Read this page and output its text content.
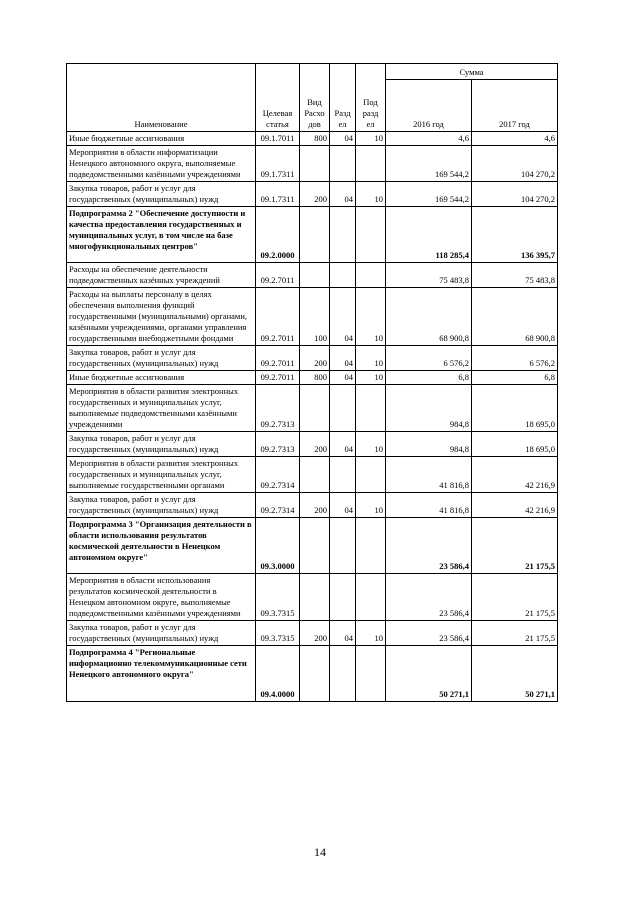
Наименование	Целевая статья	Вид Расхо дов	Разд ел	Под разд ел	Сумма	
					2016 год	2017 год
Иные бюджетные ассигнования	09.1.7011	800	04	10	4,6	4,6
Мероприятия в области информатизации Ненецкого автономного округа, выполняемые подведомственными казёнными учреждениями	09.1.7311				169 544,2	104 270,2
Закупка товаров, работ и услуг для государственных (муниципальных) нужд	09.1.7311	200	04	10	169 544,2	104 270,2
Подпрограмма 2 "Обеспечение доступности и качества предоставления государственных и муниципальных услуг, в том числе на базе многофункциональных центров"	09.2.0000				118 285,4	136 395,7
Расходы на обеспечение деятельности подведомственных казённых учреждений	09.2.7011				75 483,8	75 483,8
Расходы на выплаты персоналу в целях обеспечения выполнения функций государственными (муниципальными) органами, казёнными учреждениями, органами управления государственными внебюджетными фондами	09.2.7011	100	04	10	68 900,8	68 900,8
Закупка товаров, работ и услуг для государственных (муниципальных) нужд	09.2.7011	200	04	10	6 576,2	6 576,2
Иные бюджетные ассигнования	09.2.7011	800	04	10	6,8	6,8
Мероприятия в области развития электронных государственных и муниципальных услуг, выполняемые подведомственными казёнными учреждениями	09.2.7313				984,8	18 695,0
Закупка товаров, работ и услуг для государственных (муниципальных) нужд	09.2.7313	200	04	10	984,8	18 695,0
Мероприятия в области развития электронных государственных и муниципальных услуг, выполняемые государственными органами	09.2.7314				41 816,8	42 216,9
Закупка товаров, работ и услуг для государственных (муниципальных) нужд	09.2.7314	200	04	10	41 816,8	42 216,9
Подпрограмма 3 "Организация деятельности в области использования результатов космической деятельности в Ненецком автономном округе"	09.3.0000				23 586,4	21 175,5
Мероприятия в области использования результатов космической деятельности в Ненецком автономном округе, выполняемые подведомственными казёнными учреждениями	09.3.7315				23 586,4	21 175,5
Закупка товаров, работ и услуг для государственных (муниципальных) нужд	09.3.7315	200	04	10	23 586,4	21 175,5
Подпрограмма 4 "Региональные информационно телекоммуникационные сети Ненецкого автономного округа"	09.4.0000				50 271,1	50 271,1
14
